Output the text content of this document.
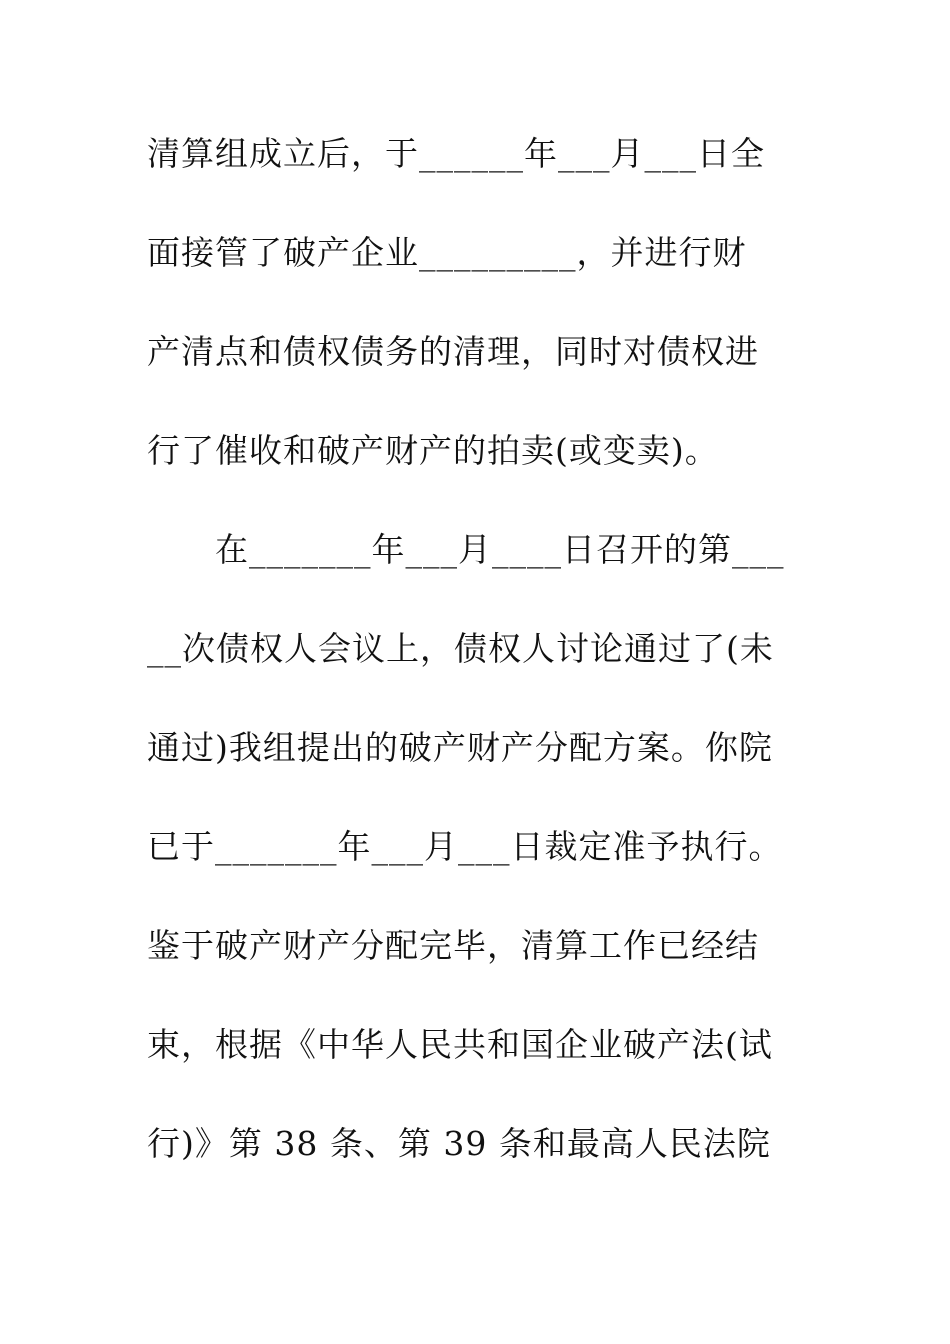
清算组成立后，于______年___月___日全
面接管了破产企业_________，并进行财
产清点和债权债务的清理，同时对债权进
行了催收和破产财产的拍卖(或变卖)。
在_______年___月____日召开的第___
__次债权人会议上，债权人讨论通过了(未
通过)我组提出的破产财产分配方案。你院
已于_______年___月___日裁定准予执行。
鉴于破产财产分配完毕，清算工作已经结
束，根据《中华人民共和国企业破产法(试
行)》第 38 条、第 39 条和最高人民法院
